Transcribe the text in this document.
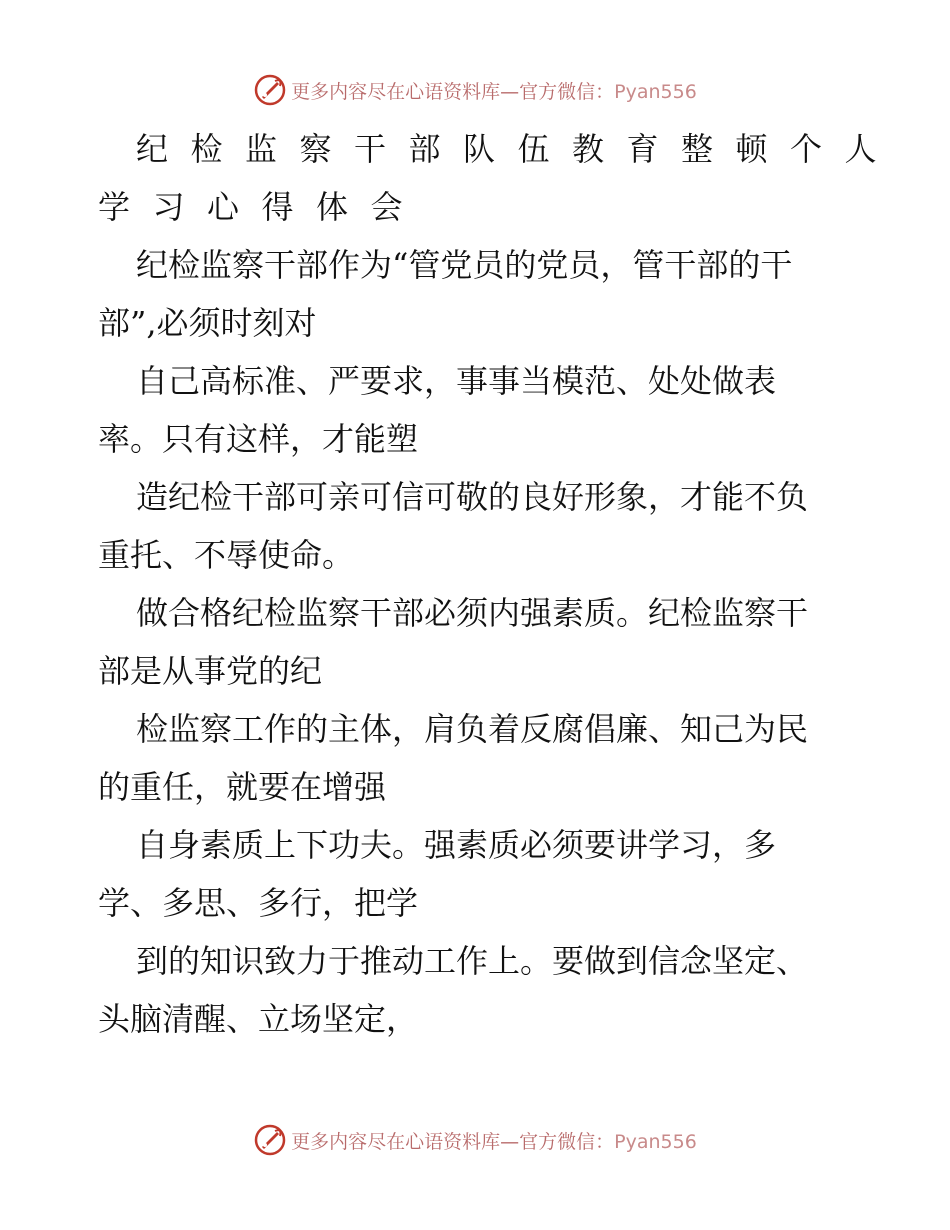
更多内容尽在心语资料库—官方微信：Pyan556
纪检监察干部队伍教育整顿个人
学习心得体会
纪检监察干部作为“管党员的党员，管干部的干
部”,必须时刻对
自己高标准、严要求，事事当模范、处处做表
率。只有这样，才能塑
造纪检干部可亲可信可敬的良好形象，才能不负
重托、不辱使命。
做合格纪检监察干部必须内强素质。纪检监察干
部是从事党的纪
检监察工作的主体，肩负着反腐倡廉、知己为民
的重任，就要在增强
自身素质上下功夫。强素质必须要讲学习，多
学、多思、多行，把学
到的知识致力于推动工作上。要做到信念坚定、
头脑清醒、立场坚定，
更多内容尽在心语资料库—官方微信：Pyan556
